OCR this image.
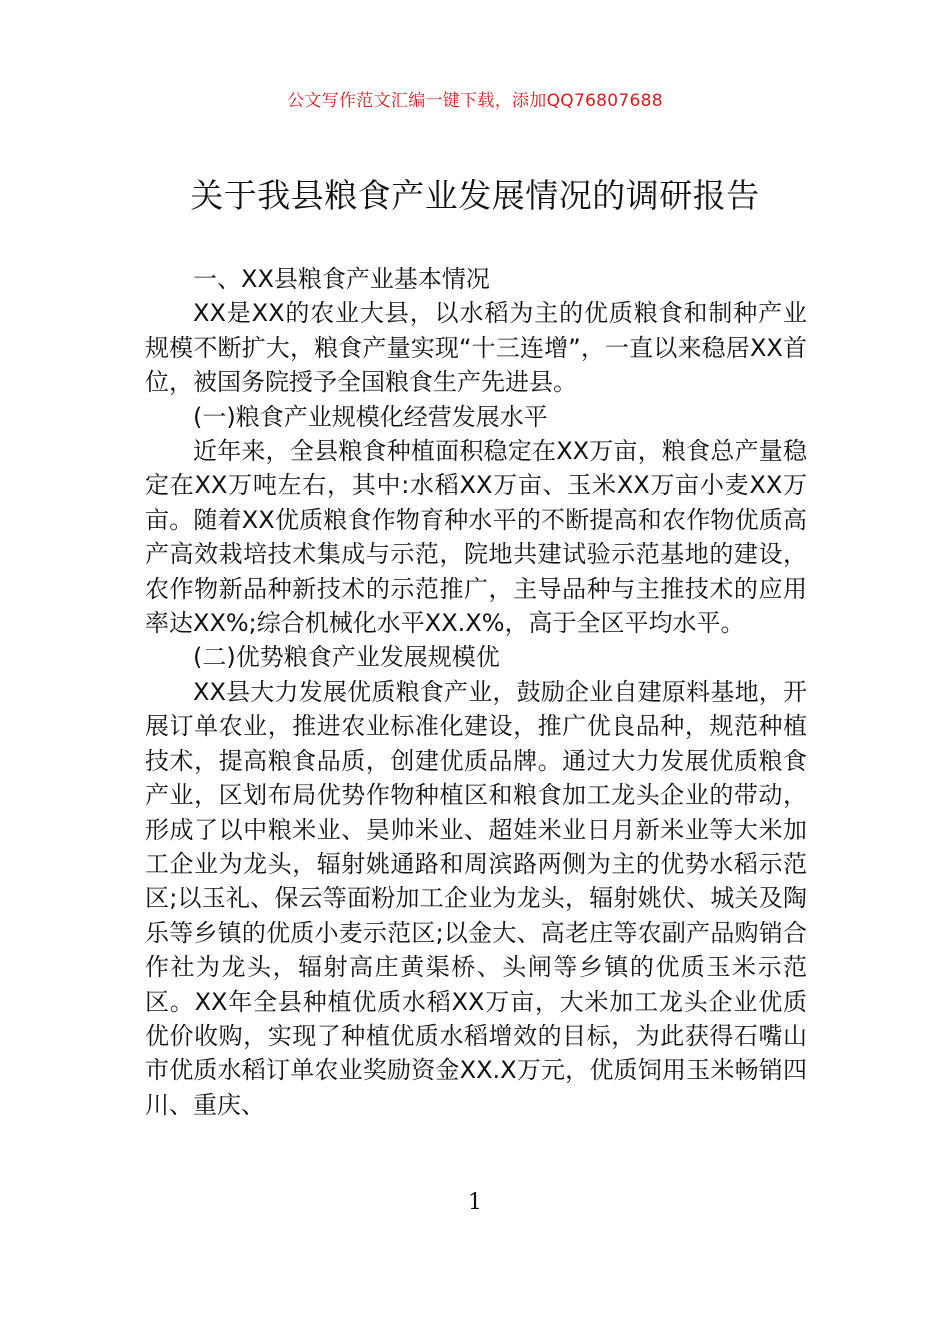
公文写作范文汇编一键下载，添加QQ76807688
关于我县粮食产业发展情况的调研报告

一、XX县粮食产业基本情况

XX是XX的农业大县，以水稻为主的优质粮食和制种产业规模不断扩大，粮食产量实现“十三连增”，一直以来稳居XX首位，被国务院授予全国粮食生产先进县。

(一)粮食产业规模化经营发展水平

近年来，全县粮食种植面积稳定在XX万亩，粮食总产量稳定在XX万吨左右，其中:水稻XX万亩、玉米XX万亩小麦XX万亩。随着XX优质粮食作物育种水平的不断提高和农作物优质高产高效栽培技术集成与示范，院地共建试验示范基地的建设，农作物新品种新技术的示范推广，主导品种与主推技术的应用率达XX%;综合机械化水平XX.X%，高于全区平均水平。

(二)优势粮食产业发展规模优

XX县大力发展优质粮食产业，鼓励企业自建原料基地，开展订单农业，推进农业标准化建设，推广优良品种，规范种植技术，提高粮食品质，创建优质品牌。通过大力发展优质粮食产业，区划布局优势作物种植区和粮食加工龙头企业的带动，形成了以中粮米业、昊帅米业、超娃米业日月新米业等大米加工企业为龙头，辐射姚通路和周滨路两侧为主的优势水稻示范区;以玉礼、保云等面粉加工企业为龙头，辐射姚伏、城关及陶乐等乡镇的优质小麦示范区;以金大、高老庄等农副产品购销合作社为龙头，辐射高庄黄渠桥、头闸等乡镇的优质玉米示范区。XX年全县种植优质水稻XX万亩，大米加工龙头企业优质优价收购，实现了种植优质水稻增效的目标，为此获得石嘴山市优质水稻订单农业奖励资金XX.X万元，优质饲用玉米畅销四川、重庆、

1
